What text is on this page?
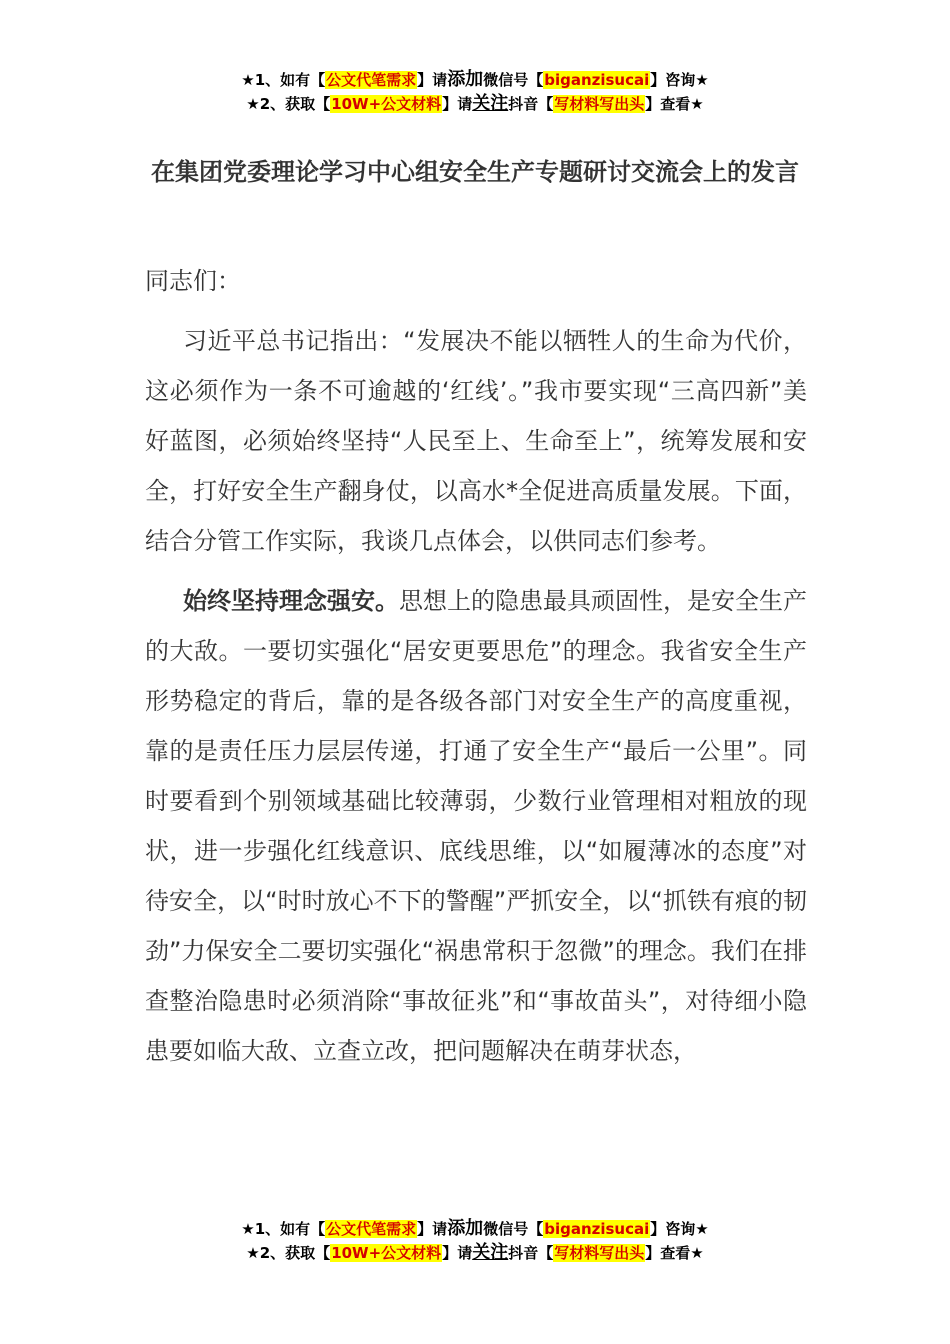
★1、如有【公文代笔需求】请添加微信号【biganzisucai】咨询★
★2、获取【10W+公文材料】请关注抖音【写材料写出头】查看★
在集团党委理论学习中心组安全生产专题研讨交流会上的发言

同志们：

习近平总书记指出：“发展决不能以牺牲人的生命为代价，这必须作为一条不可逾越的‘红线’。”我市要实现“三高四新”美好蓝图，必须始终坚持“人民至上、生命至上”，统筹发展和安全，打好安全生产翻身仗，以高水*全促进高质量发展。下面，结合分管工作实际，我谈几点体会，以供同志们参考。

始终坚持理念强安。思想上的隐患最具顽固性，是安全生产的大敌。一要切实强化“居安更要思危”的理念。我省安全生产形势稳定的背后，靠的是各级各部门对安全生产的高度重视，靠的是责任压力层层传递，打通了安全生产“最后一公里”。同时要看到个别领域基础比较薄弱，少数行业管理相对粗放的现状，进一步强化红线意识、底线思维，以“如履薄冰的态度”对待安全，以“时时放心不下的警醒”严抓安全，以“抓铁有痕的韧劲”力保安全二要切实强化“祸患常积于忽微”的理念。我们在排查整治隐患时必须消除“事故征兆”和“事故苗头”，对待细小隐患要如临大敌、立查立改，把问题解决在萌芽状态，

★1、如有【公文代笔需求】请添加微信号【biganzisucai】咨询★
★2、获取【10W+公文材料】请关注抖音【写材料写出头】查看★
